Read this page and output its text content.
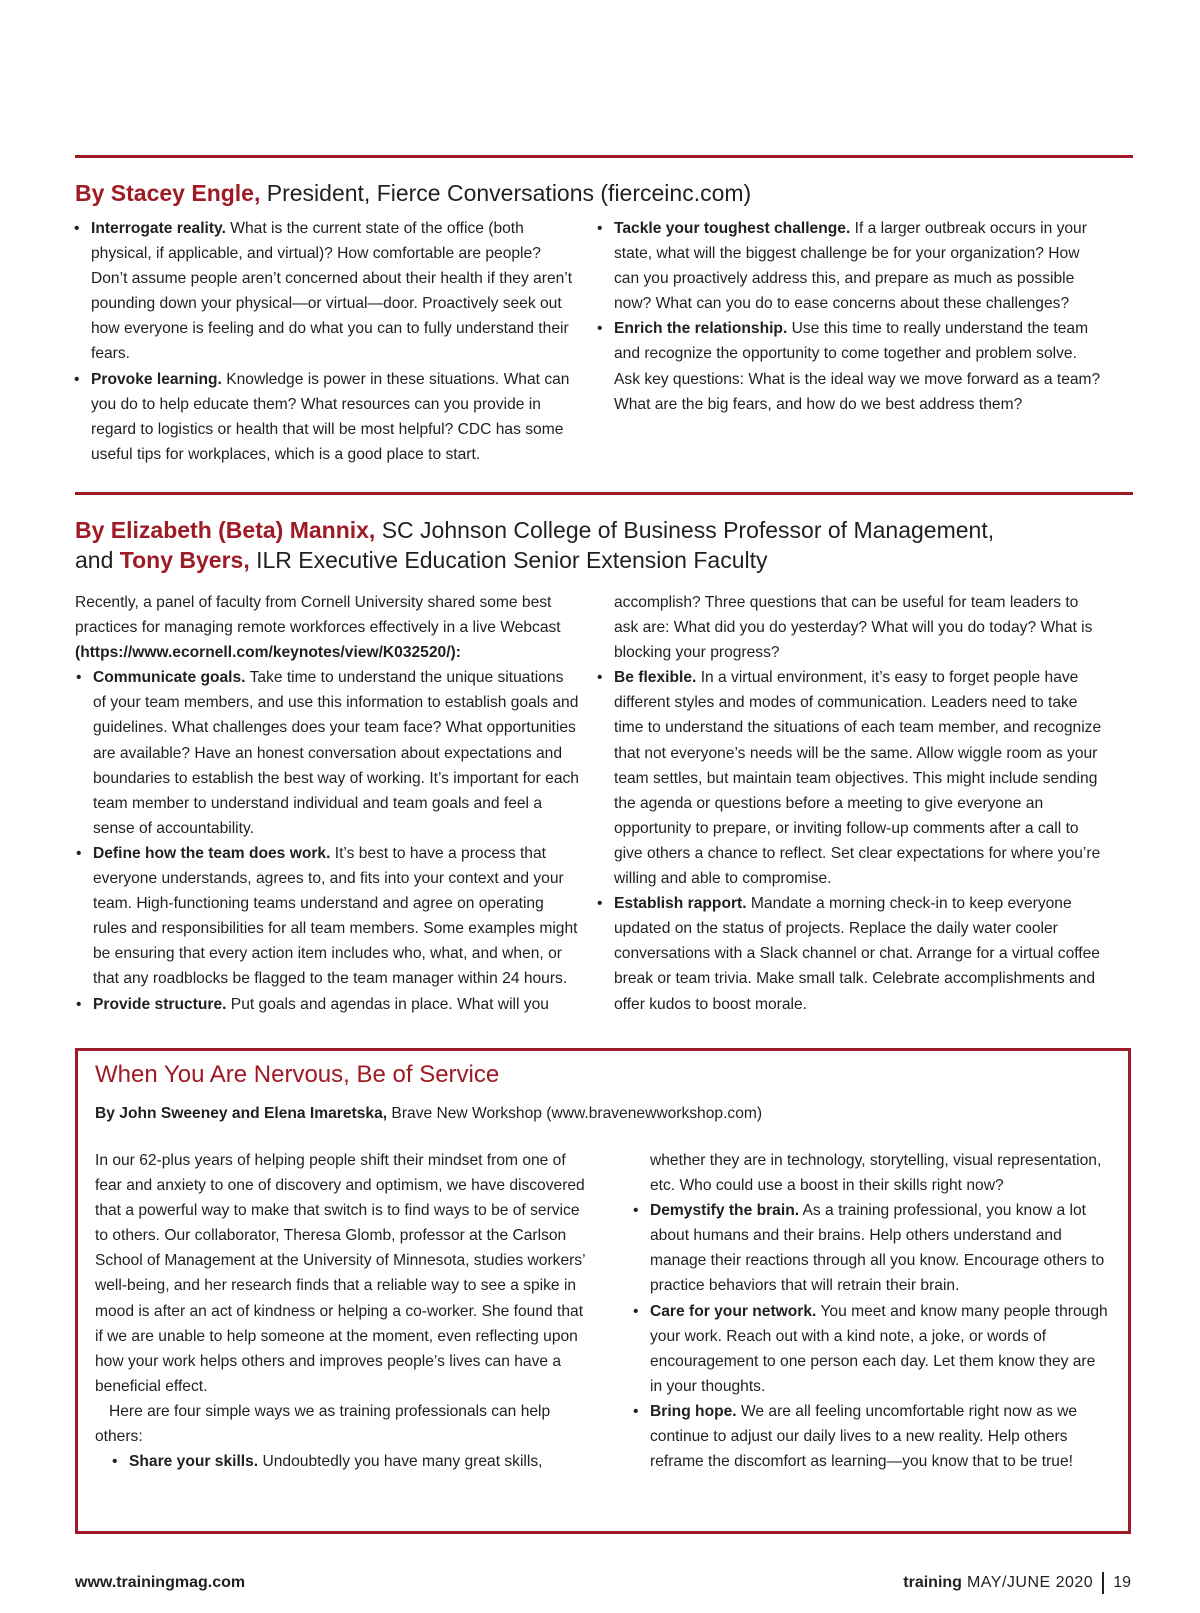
By Stacey Engle, President, Fierce Conversations (fierceinc.com)
• Interrogate reality. What is the current state of the office (both physical, if applicable, and virtual)? How comfortable are people? Don’t assume people aren’t concerned about their health if they aren’t pounding down your physical—or virtual—door. Proactively seek out how everyone is feeling and do what you can to fully understand their fears.
• Provoke learning. Knowledge is power in these situations. What can you do to help educate them? What resources can you provide in regard to logistics or health that will be most helpful? CDC has some useful tips for workplaces, which is a good place to start.
• Tackle your toughest challenge. If a larger outbreak occurs in your state, what will the biggest challenge be for your organization? How can you proactively address this, and prepare as much as possible now? What can you do to ease concerns about these challenges?
• Enrich the relationship. Use this time to really understand the team and recognize the opportunity to come together and problem solve. Ask key questions: What is the ideal way we move forward as a team? What are the big fears, and how do we best address them?
By Elizabeth (Beta) Mannix, SC Johnson College of Business Professor of Management,
and Tony Byers, ILR Executive Education Senior Extension Faculty

Recently, a panel of faculty from Cornell University shared some best practices for managing remote workforces effectively in a live Webcast (https://www.ecornell.com/keynotes/view/K032520/):

• Communicate goals. Take time to understand the unique situations of your team members, and use this information to establish goals and guidelines. What challenges does your team face? What opportunities are available? Have an honest conversation about expectations and boundaries to establish the best way of working. It’s important for each team member to understand individual and team goals and feel a sense of accountability.
• Define how the team does work. It’s best to have a process that everyone understands, agrees to, and fits into your context and your team. High-functioning teams understand and agree on operating rules and responsibilities for all team members. Some examples might be ensuring that every action item includes who, what, and when, or that any roadblocks be flagged to the team manager within 24 hours.
• Provide structure. Put goals and agendas in place. What will you

accomplish? Three questions that can be useful for team leaders to ask are: What did you do yesterday? What will you do today? What is blocking your progress?

• Be flexible. In a virtual environment, it’s easy to forget people have different styles and modes of communication. Leaders need to take time to understand the situations of each team member, and recognize that not everyone’s needs will be the same. Allow wiggle room as your team settles, but maintain team objectives. This might include sending the agenda or questions before a meeting to give everyone an opportunity to prepare, or inviting follow-up comments after a call to give others a chance to reflect. Set clear expectations for where you’re willing and able to compromise.
• Establish rapport. Mandate a morning check-in to keep everyone updated on the status of projects. Replace the daily water cooler conversations with a Slack channel or chat. Arrange for a virtual coffee break or team trivia. Make small talk. Celebrate accomplishments and offer kudos to boost morale.
When You Are Nervous, Be of Service
By John Sweeney and Elena Imaretska, Brave New Workshop (www.bravenewworkshop.com)

In our 62-plus years of helping people shift their mindset from one of fear and anxiety to one of discovery and optimism, we have discovered that a powerful way to make that switch is to find ways to be of service to others. Our collaborator, Theresa Glomb, professor at the Carlson School of Management at the University of Minnesota, studies workers’ well-being, and her research finds that a reliable way to see a spike in mood is after an act of kindness or helping a co-worker. She found that if we are unable to help someone at the moment, even reflecting upon how your work helps others and improves people’s lives can have a beneficial effect.

Here are four simple ways we as training professionals can help others:

• Share your skills. Undoubtedly you have many great skills,

whether they are in technology, storytelling, visual representation, etc. Who could use a boost in their skills right now?

• Demystify the brain. As a training professional, you know a lot about humans and their brains. Help others understand and manage their reactions through all you know. Encourage others to practice behaviors that will retrain their brain.
• Care for your network. You meet and know many people through your work. Reach out with a kind note, a joke, or words of encouragement to one person each day. Let them know they are in your thoughts.
• Bring hope. We are all feeling uncomfortable right now as we continue to adjust our daily lives to a new reality. Help others reframe the discomfort as learning—you know that to be true!
www.trainingmag.com	training MAY/JUNE 2020 19
